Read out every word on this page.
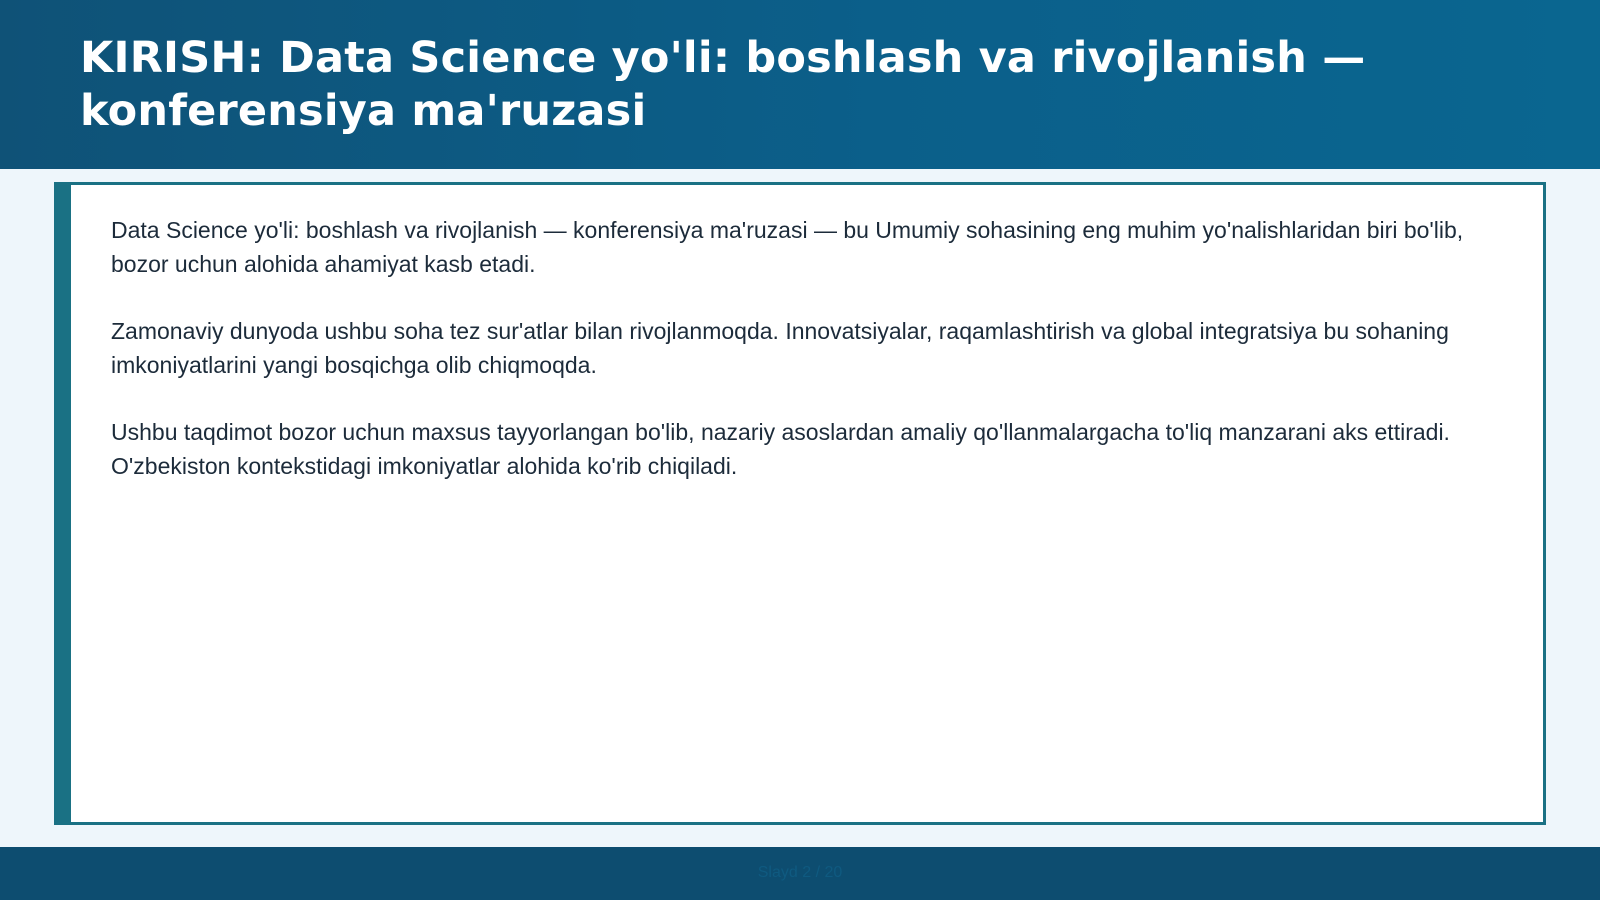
KIRISH: Data Science yo'li: boshlash va rivojlanish — konferensiya ma'ruzasi

Data Science yo'li: boshlash va rivojlanish — konferensiya ma'ruzasi — bu Umumiy sohasining eng muhim yo'nalishlaridan biri bo'lib, bozor uchun alohida ahamiyat kasb etadi.

Zamonaviy dunyoda ushbu soha tez sur'atlar bilan rivojlanmoqda. Innovatsiyalar, raqamlashtirish va global integratsiya bu sohaning imkoniyatlarini yangi bosqichga olib chiqmoqda.

Ushbu taqdimot bozor uchun maxsus tayyorlangan bo'lib, nazariy asoslardan amaliy qo'llanmalargacha to'liq manzarani aks ettiradi. O'zbekiston kontekstidagi imkoniyatlar alohida ko'rib chiqiladi.

Slayd 2 / 20
